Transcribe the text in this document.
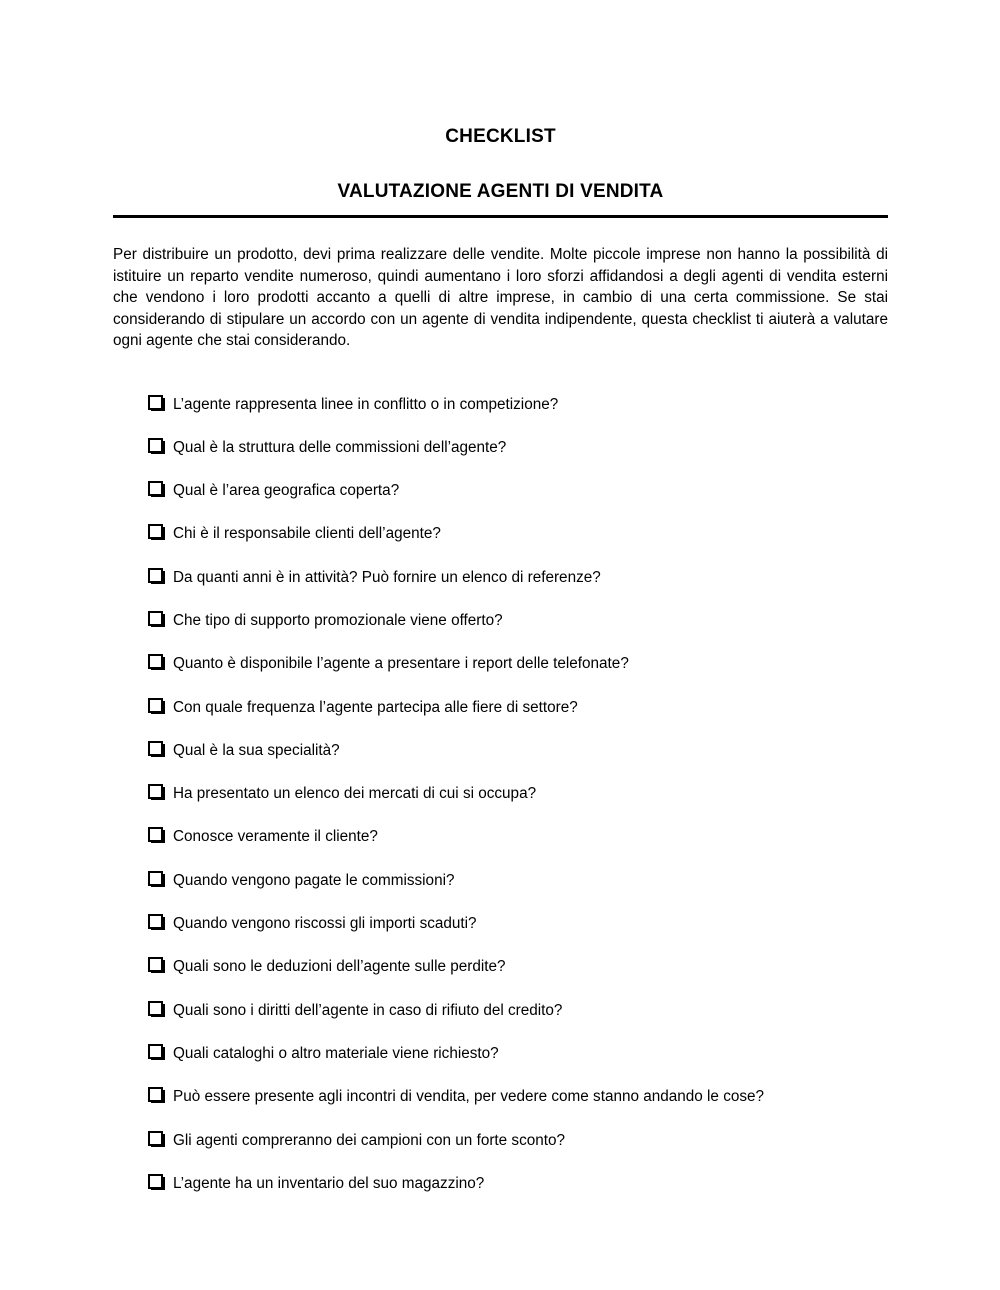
CHECKLIST
VALUTAZIONE AGENTI DI VENDITA

Per distribuire un prodotto, devi prima realizzare delle vendite. Molte piccole imprese non hanno la possibilità di istituire un reparto vendite numeroso, quindi aumentano i loro sforzi affidandosi a degli agenti di vendita esterni che vendono i loro prodotti accanto a quelli di altre imprese, in cambio di una certa commissione. Se stai considerando di stipulare un accordo con un agente di vendita indipendente, questa checklist ti aiuterà a valutare ogni agente che stai considerando.

L’agente rappresenta linee in conflitto o in competizione?
Qual è la struttura delle commissioni dell’agente?
Qual è l’area geografica coperta?
Chi è il responsabile clienti dell’agente?
Da quanti anni è in attività? Può fornire un elenco di referenze?
Che tipo di supporto promozionale viene offerto?
Quanto è disponibile l’agente a presentare i report delle telefonate?
Con quale frequenza l’agente partecipa alle fiere di settore?
Qual è la sua specialità?
Ha presentato un elenco dei mercati di cui si occupa?
Conosce veramente il cliente?
Quando vengono pagate le commissioni?
Quando vengono riscossi gli importi scaduti?
Quali sono le deduzioni dell’agente sulle perdite?
Quali sono i diritti dell’agente in caso di rifiuto del credito?
Quali cataloghi o altro materiale viene richiesto?
Può essere presente agli incontri di vendita, per vedere come stanno andando le cose?
Gli agenti compreranno dei campioni con un forte sconto?
L’agente ha un inventario del suo magazzino?
